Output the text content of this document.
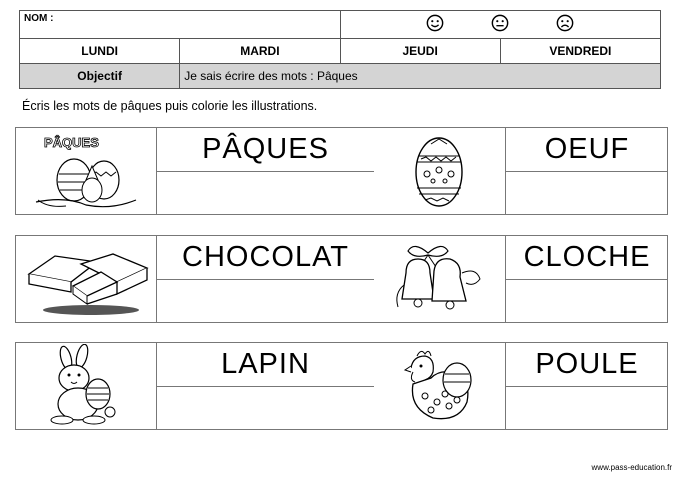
NOM :	
LUNDI	MARDI	JEUDI	VENDREDI
Objectif	Je sais écrire des mots : Pâques		
Écris les mots de pâques puis colorie les illustrations.
PÂQUES	PÂQUES	OEUF
CHOCOLAT	CLOCHE
LAPIN	POULE
www.pass-education.fr
